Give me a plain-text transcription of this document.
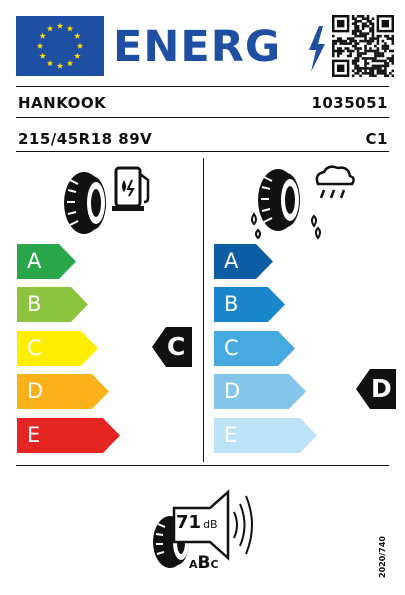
ENERG
HANKOOK	1035051
215/45R18 89V	C1
A
B
C
D
E
C
A
B
C
D
E
D
71 dB
ABC	2020/740
